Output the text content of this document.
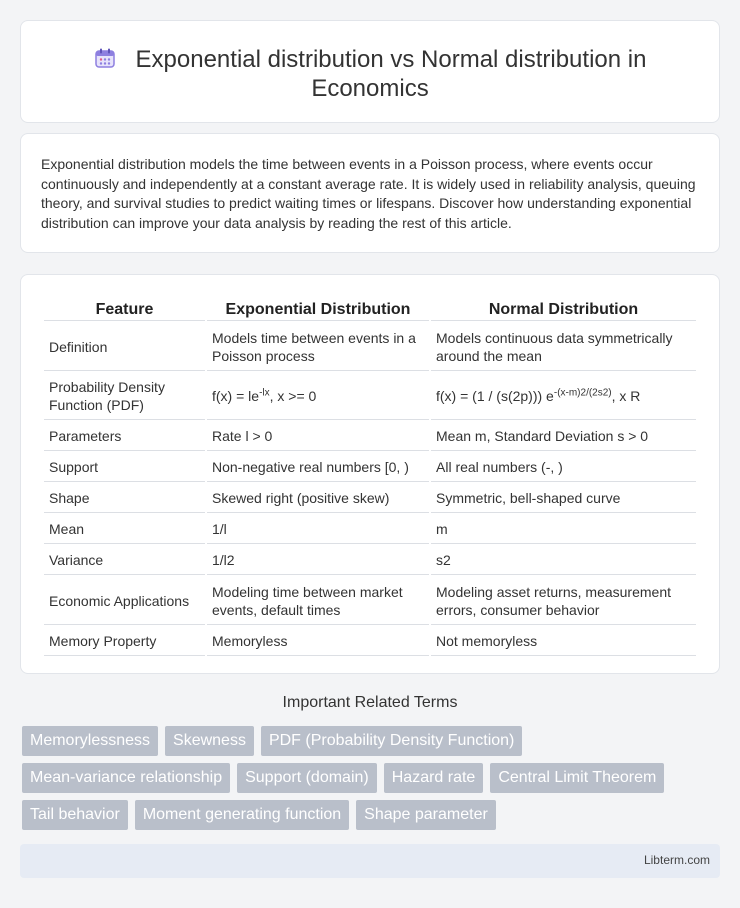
Exponential distribution vs Normal distribution in
Economics

Exponential distribution models the time between events in a Poisson process, where events occur continuously and independently at a constant average rate. It is widely used in reliability analysis, queuing theory, and survival studies to predict waiting times or lifespans. Discover how understanding exponential distribution can improve your data analysis by reading the rest of this article.

Feature	Exponential Distribution	Normal Distribution
Definition	Models time between events in a Poisson process	Models continuous data symmetrically around the mean
Probability Density Function (PDF)	$f(x) = le^{-lx}$, x >= 0	f(x) = (1 / (s(2p))) $e^{-(x-m)2/(2s2)}$, x R
Parameters	Rate l > 0	Mean m, Standard Deviation s > 0
Support	Non-negative real numbers [0, )	All real numbers (-, )
Shape	Skewed right (positive skew)	Symmetric, bell-shaped curve
Mean	1/l	m
Variance	1/l2	s2
Economic Applications	Modeling time between market events, default times	Modeling asset returns, measurement errors, consumer behavior
Memory Property	Memoryless	Not memoryless
Important Related Terms
Memorylessness	Skewness	PDF (Probability Density Function)
Mean-variance relationship	Support (domain)	Hazard rate	Central Limit Theorem
Tail behavior	Moment generating function	Shape parameter
Libterm.com
